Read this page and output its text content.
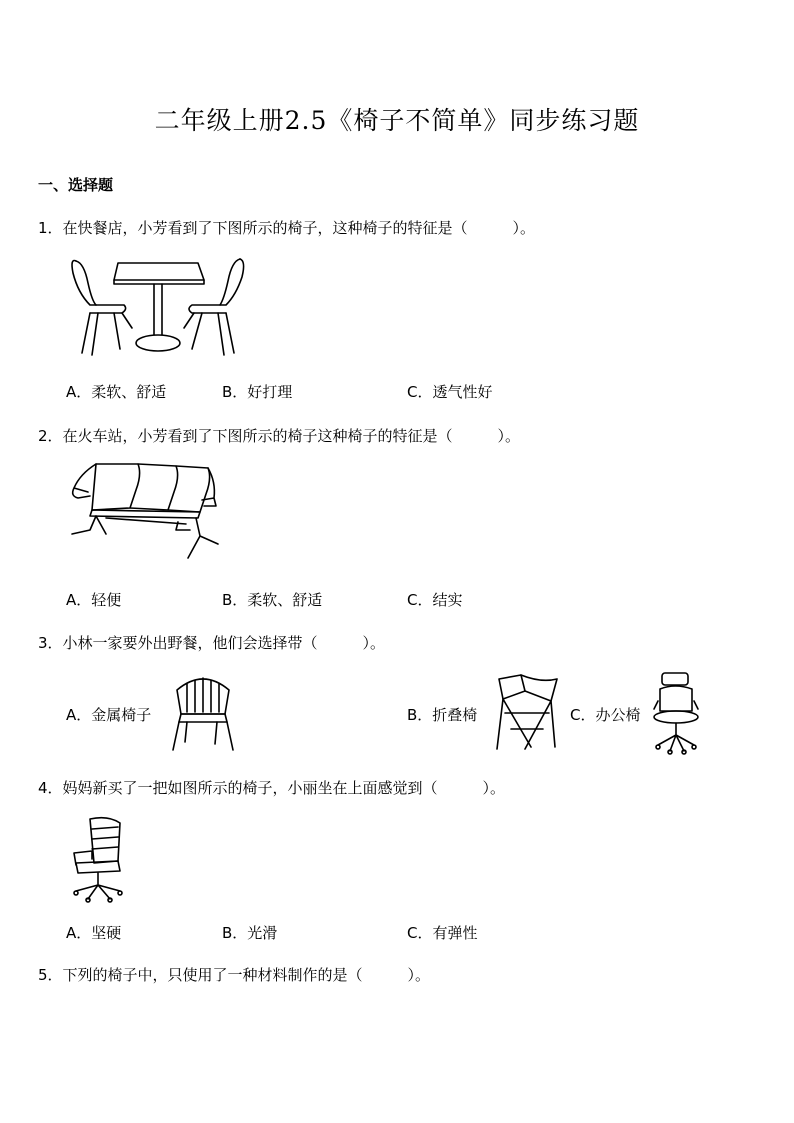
二年级上册2.5《椅子不简单》同步练习题
一、选择题
1．在快餐店，小芳看到了下图所示的椅子，这种椅子的特征是（　　　）。
A．柔软、舒适	B．好打理	C．透气性好
2．在火车站，小芳看到了下图所示的椅子这种椅子的特征是（　　　）。
A．轻便	B．柔软、舒适	C．结实
3．小林一家要外出野餐，他们会选择带（　　　）。
A．金属椅子	B．折叠椅	C．办公椅
4．妈妈新买了一把如图所示的椅子，小丽坐在上面感觉到（　　　）。
A．坚硬	B．光滑	C．有弹性
5．下列的椅子中，只使用了一种材料制作的是（　　　）。
